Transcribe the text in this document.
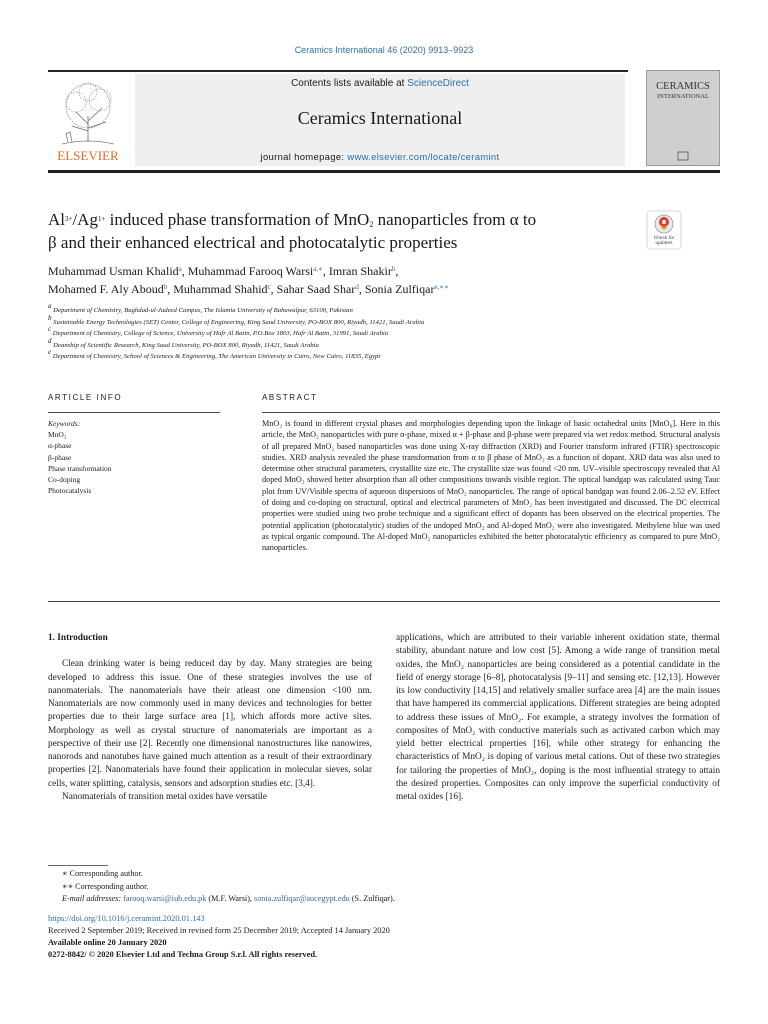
Ceramics International 46 (2020) 9913–9923
ELSEVIER
Contents lists available at ScienceDirect
Ceramics International
journal homepage: www.elsevier.com/locate/ceramint
CERAMICS
INTERNATIONAL
$Al^{3+}/Ag^{1+}$ induced phase transformation of MnO$_2$ nanoparticles from α to
β and their enhanced electrical and photocatalytic properties	Check for updates
Muhammad Usman Khalid$^a$, Muhammad Farooq Warsi$^{a,∗}$, Imran Shakir$^b$,
Mohamed F. Aly Aboud$^b$, Muhammad Shahid$^c$, Sahar Saad Shar$^d$, Sonia Zulfiqar$^{e,∗∗}$
$^a$ Department of Chemistry, Baghdad-ul-Jadeed Campus, The Islamia University of Bahawalpur, 63100, Pakistan
$^b$ Sustainable Energy Technologies (SET) Center, College of Engineering, King Saud University, PO-BOX 800, Riyadh, 11421, Saudi Arabia
$^c$ Department of Chemistry, College of Science, University of Hafr Al Batin, P.O.Box 1803, Hafr Al Batin, 31991, Saudi Arabia
$^d$ Deanship of Scientific Research, King Saud University, PO-BOX 800, Riyadh, 11421, Saudi Arabia
$^e$ Department of Chemistry, School of Sciences & Engineering, The American University in Cairo, New Cairo, 11835, Egypt
ARTICLE INFO	ABSTRACT
Keywords:
MnO₂
α-phase
β-phase
Phase transformation
Co-doping
Photocatalysis
MnO₂ is found in different crystal phases and morphologies depending upon the linkage of basic octahedral units [MnO₆]. Here in this article, the MnO₂ nanoparticles with pure α-phase, mixed α + β-phase and β-phase were prepared via wet redox method. Structural analysis of all prepared MnO₂ based nanoparticles was done using X-ray diffraction (XRD) and Fourier transform infrared (FTIR) spectroscopic studies. XRD analysis revealed the phase transformation from α to β phase of MnO₂ as a function of dopant. XRD data was also used to determine other structural parameters, crystallite size etc. The crystallite size was found <20 nm. UV–visible spectroscopy revealed that Al doped MnO₂ showed better absorption than all other compositions towards visible region. The optical bandgap was calculated using Tauc plot from UV/Visible spectra of aqueous dispersions of MnO₂ nanoparticles. The range of optical bandgap was found 2.06–2.52 eV. Effect of doing and co-doping on structural, optical and electrical parameters of MnO₂ has been investigated and discussed. The DC electrical properties were studied using two probe technique and a significant effect of dopants has been observed on the electrical properties. The potential application (photocatalytic) studies of the undoped MnO₂ and Al-doped MnO₂ were also investigated. Methylene blue was used as typical organic compound. The Al-doped MnO₂ nanoparticles exhibited the better photocatalytic efficiency as compared to pure MnO₂ nanoparticles.
1. Introduction

Clean drinking water is being reduced day by day. Many strategies are being developed to address this issue. One of these strategies involves the use of nanomaterials. The nanomaterials have their atleast one dimension <100 nm. Nanomaterials are now commonly used in many devices and technologies for better properties due to their large surface area [1], which affords more active sites. Morphology as well as crystal structure of nanomaterials are important as a perspective of their use [2]. Recently one dimensional nanostructures like nanowires, nanorods and nanotubes have gained much attention as a result of their extraordinary properties [2]. Nanomaterials have found their application in molecular sieves, solar cells, water splitting, catalysis, sensors and adsorption studies etc. [3,4].

Nanomaterials of transition metal oxides have versatile

applications, which are attributed to their variable inherent oxidation state, thermal stability, abundant nature and low cost [5]. Among a wide range of transition metal oxides, the MnO₂ nanoparticles are being considered as a potential candidate in the field of energy storage [6–8], photocatalysis [9–11] and sensing etc. [12,13]. However its low conductivity [14,15] and relatively smaller surface area [4] are the main issues that have hampered its commercial applications. Different strategies are being adopted to address these issues of MnO₂. For example, a strategy involves the formation of composites of MnO₂ with conductive materials such as activated carbon which may yield better electrical properties [16], while other strategy for enhancing the characteristics of MnO₂ is doping of various metal cations. Out of these two strategies for tailoring the properties of MnO₂, doping is the most influential strategy to attain the desired properties. Composites can only improve the superficial conductivity of metal oxides [16].

∗ Corresponding author.
∗∗ Corresponding author.
E-mail addresses: farooq.warsi@iub.edu.pk (M.F. Warsi), sonia.zulfiqar@aucegypt.edu (S. Zulfiqar).
https://doi.org/10.1016/j.ceramint.2020.01.143
Received 2 September 2019; Received in revised form 25 December 2019; Accepted 14 January 2020
Available online 20 January 2020
0272-8842/ © 2020 Elsevier Ltd and Techna Group S.r.l. All rights reserved.
